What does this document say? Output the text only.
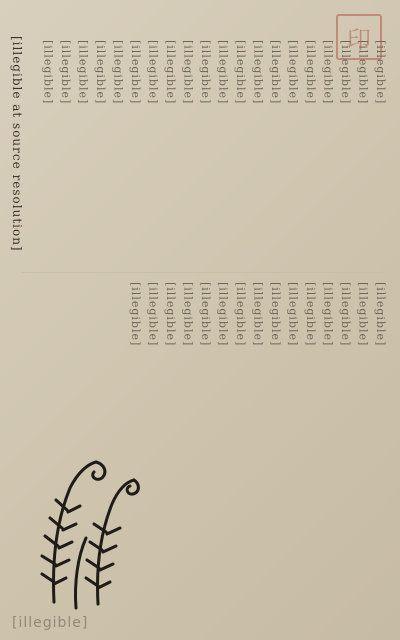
[illegible at source resolution]	[illegible]
[illegible]
[illegible]
[illegible]
[illegible]
[illegible]
[illegible]
[illegible]
[illegible]
[illegible]
[illegible]
[illegible]
[illegible]
[illegible]
[illegible]
[illegible]
[illegible]
[illegible]
[illegible]
[illegible]
[illegible]
[illegible]
[illegible]
[illegible]
[illegible]
[illegible]
[illegible]
[illegible]
[illegible]
[illegible]
[illegible]
[illegible]
[illegible]
[illegible]
[illegible]
印
[illegible]
